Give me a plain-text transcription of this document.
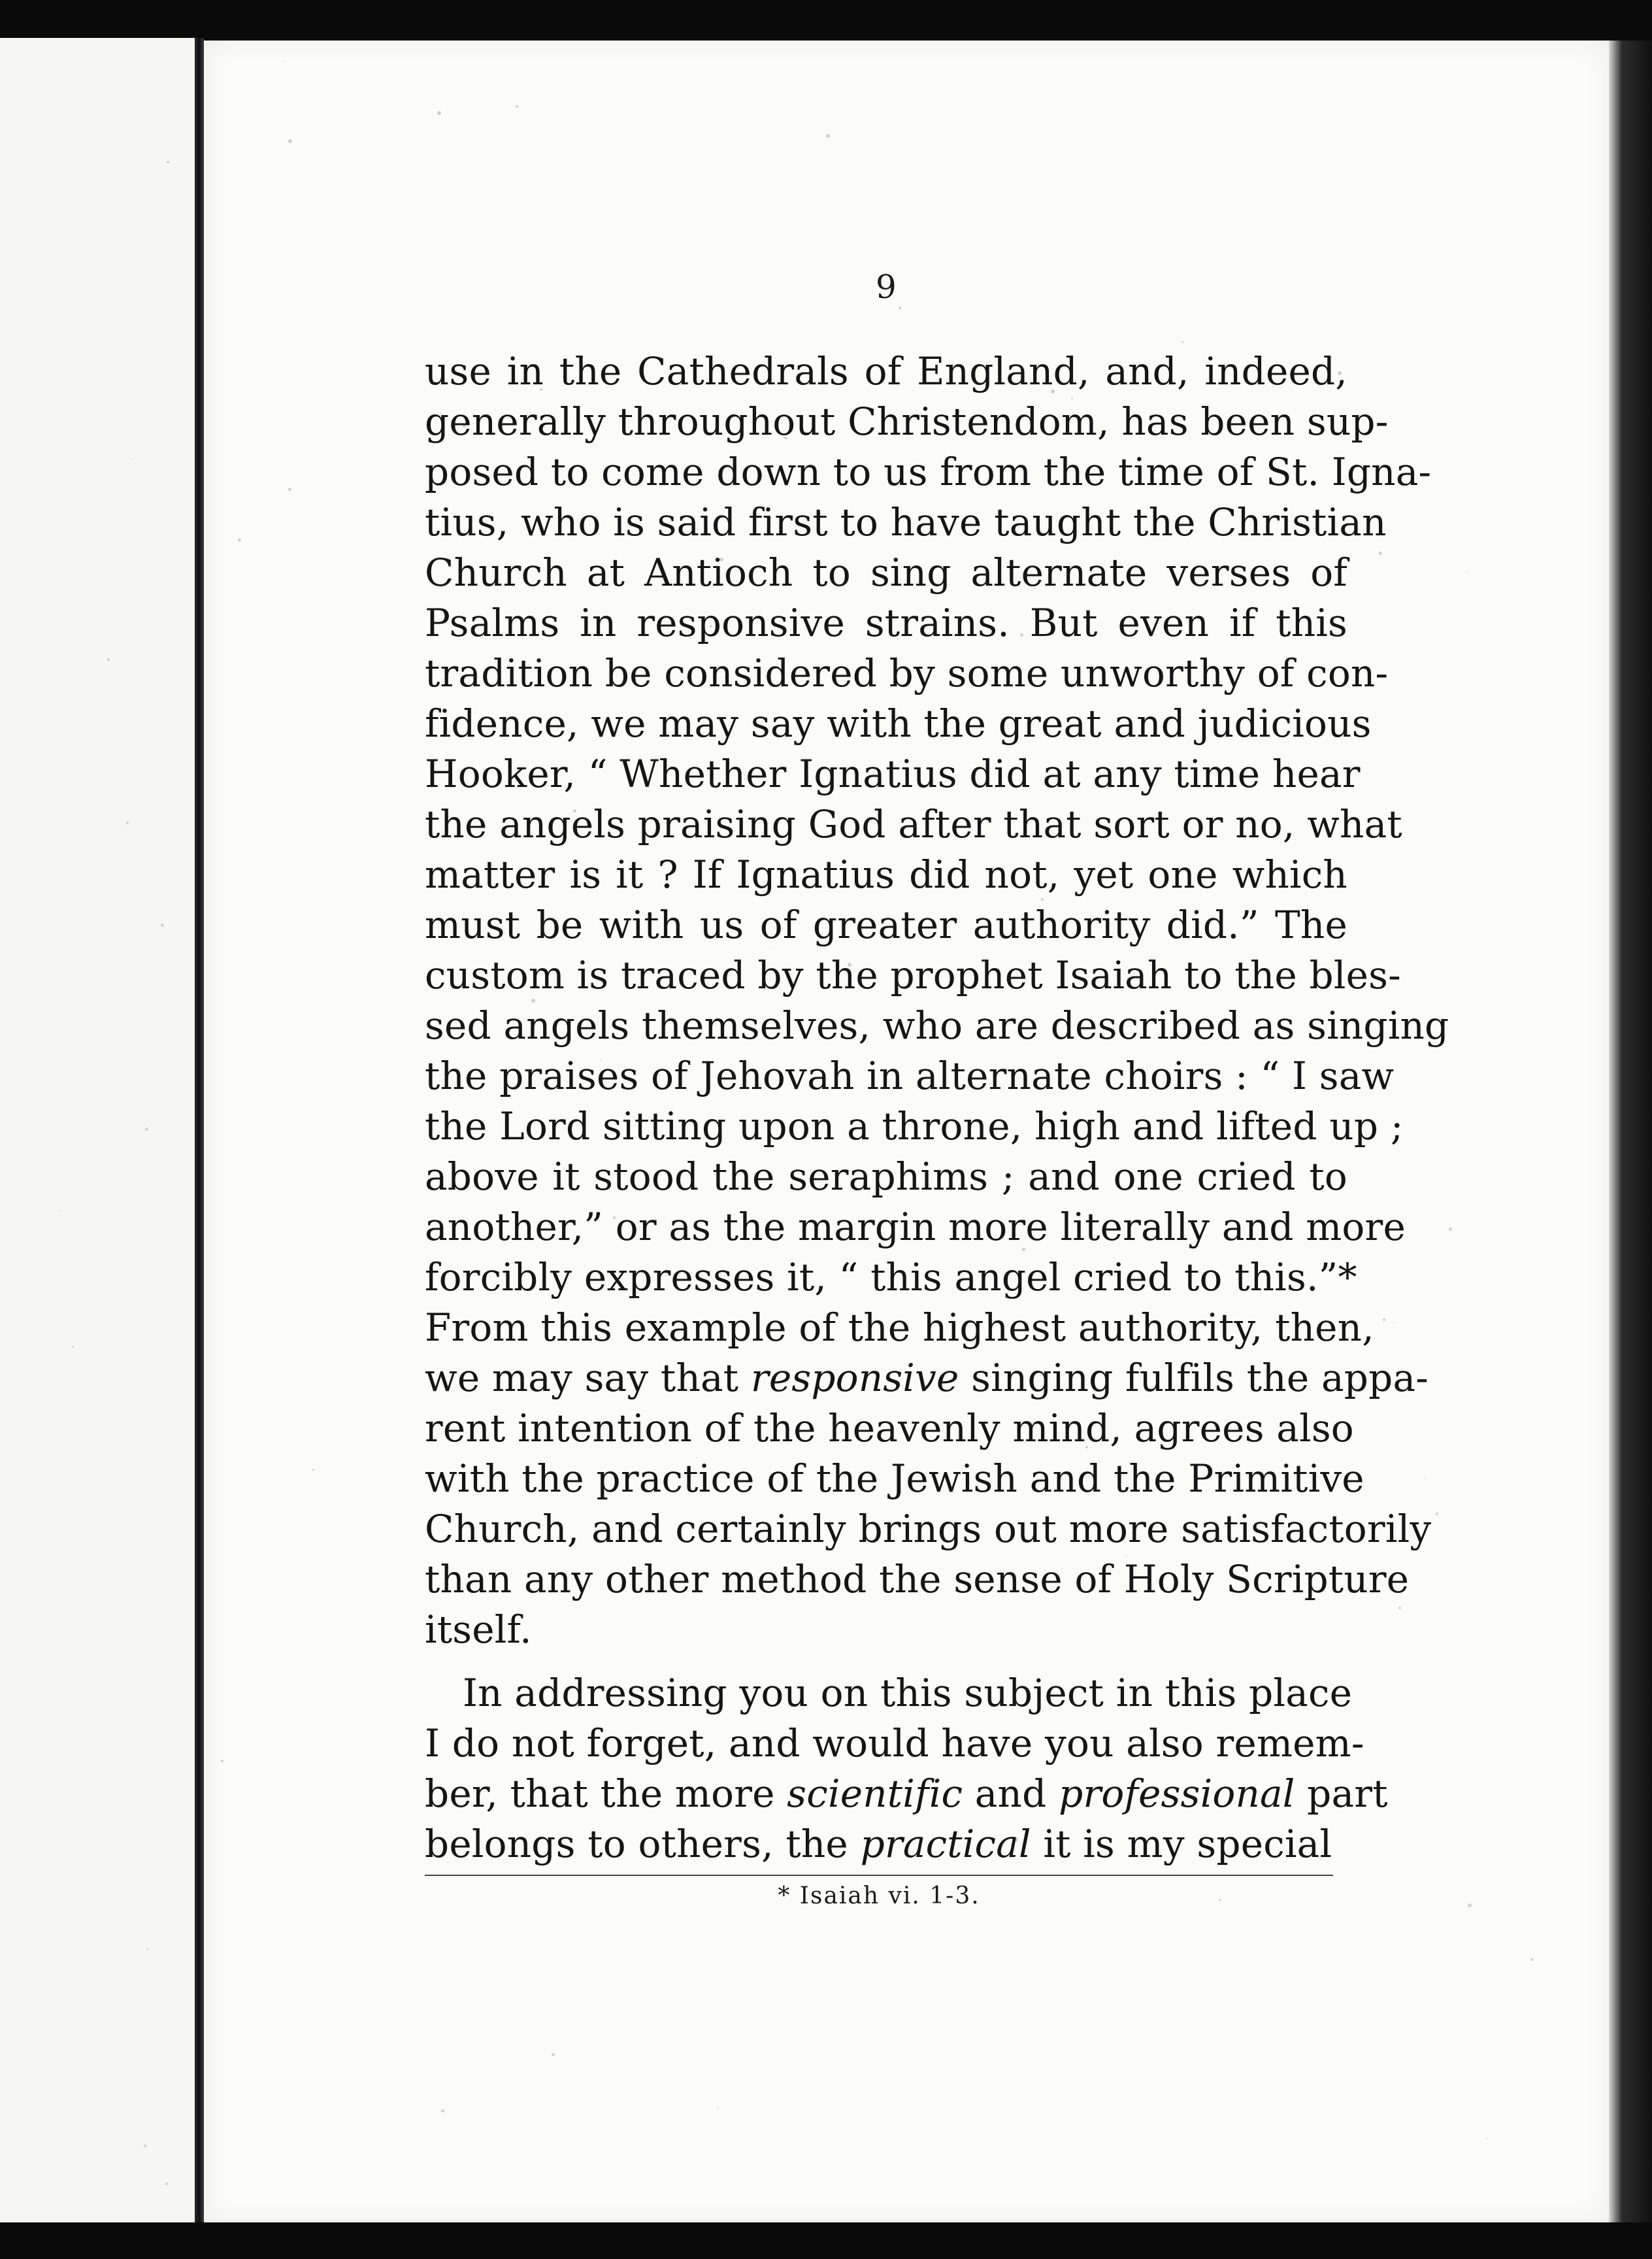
9
use in the Cathedrals of England, and, indeed,
generally throughout Christendom, has been sup-
posed to come down to us from the time of St. Igna-
tius, who is said first to have taught the Christian
Church at Antioch to sing alternate verses of
Psalms in responsive strains. But even if this
tradition be considered by some unworthy of con-
fidence, we may say with the great and judicious
Hooker, “ Whether Ignatius did at any time hear
the angels praising God after that sort or no, what
matter is it ? If Ignatius did not, yet one which
must be with us of greater authority did.” The
custom is traced by the prophet Isaiah to the bles-
sed angels themselves, who are described as singing
the praises of Jehovah in alternate choirs : “ I saw
the Lord sitting upon a throne, high and lifted up ;
above it stood the seraphims ; and one cried to
another,” or as the margin more literally and more
forcibly expresses it, “ this angel cried to this.”*
From this example of the highest authority, then,
we may say that responsive singing fulfils the appa-
rent intention of the heavenly mind, agrees also
with the practice of the Jewish and the Primitive
Church, and certainly brings out more satisfactorily
than any other method the sense of Holy Scripture
itself.
In addressing you on this subject in this place
I do not forget, and would have you also remem-
ber, that the more scientific and professional part
belongs to others, the practical it is my special
* Isaiah vi. 1-3.
